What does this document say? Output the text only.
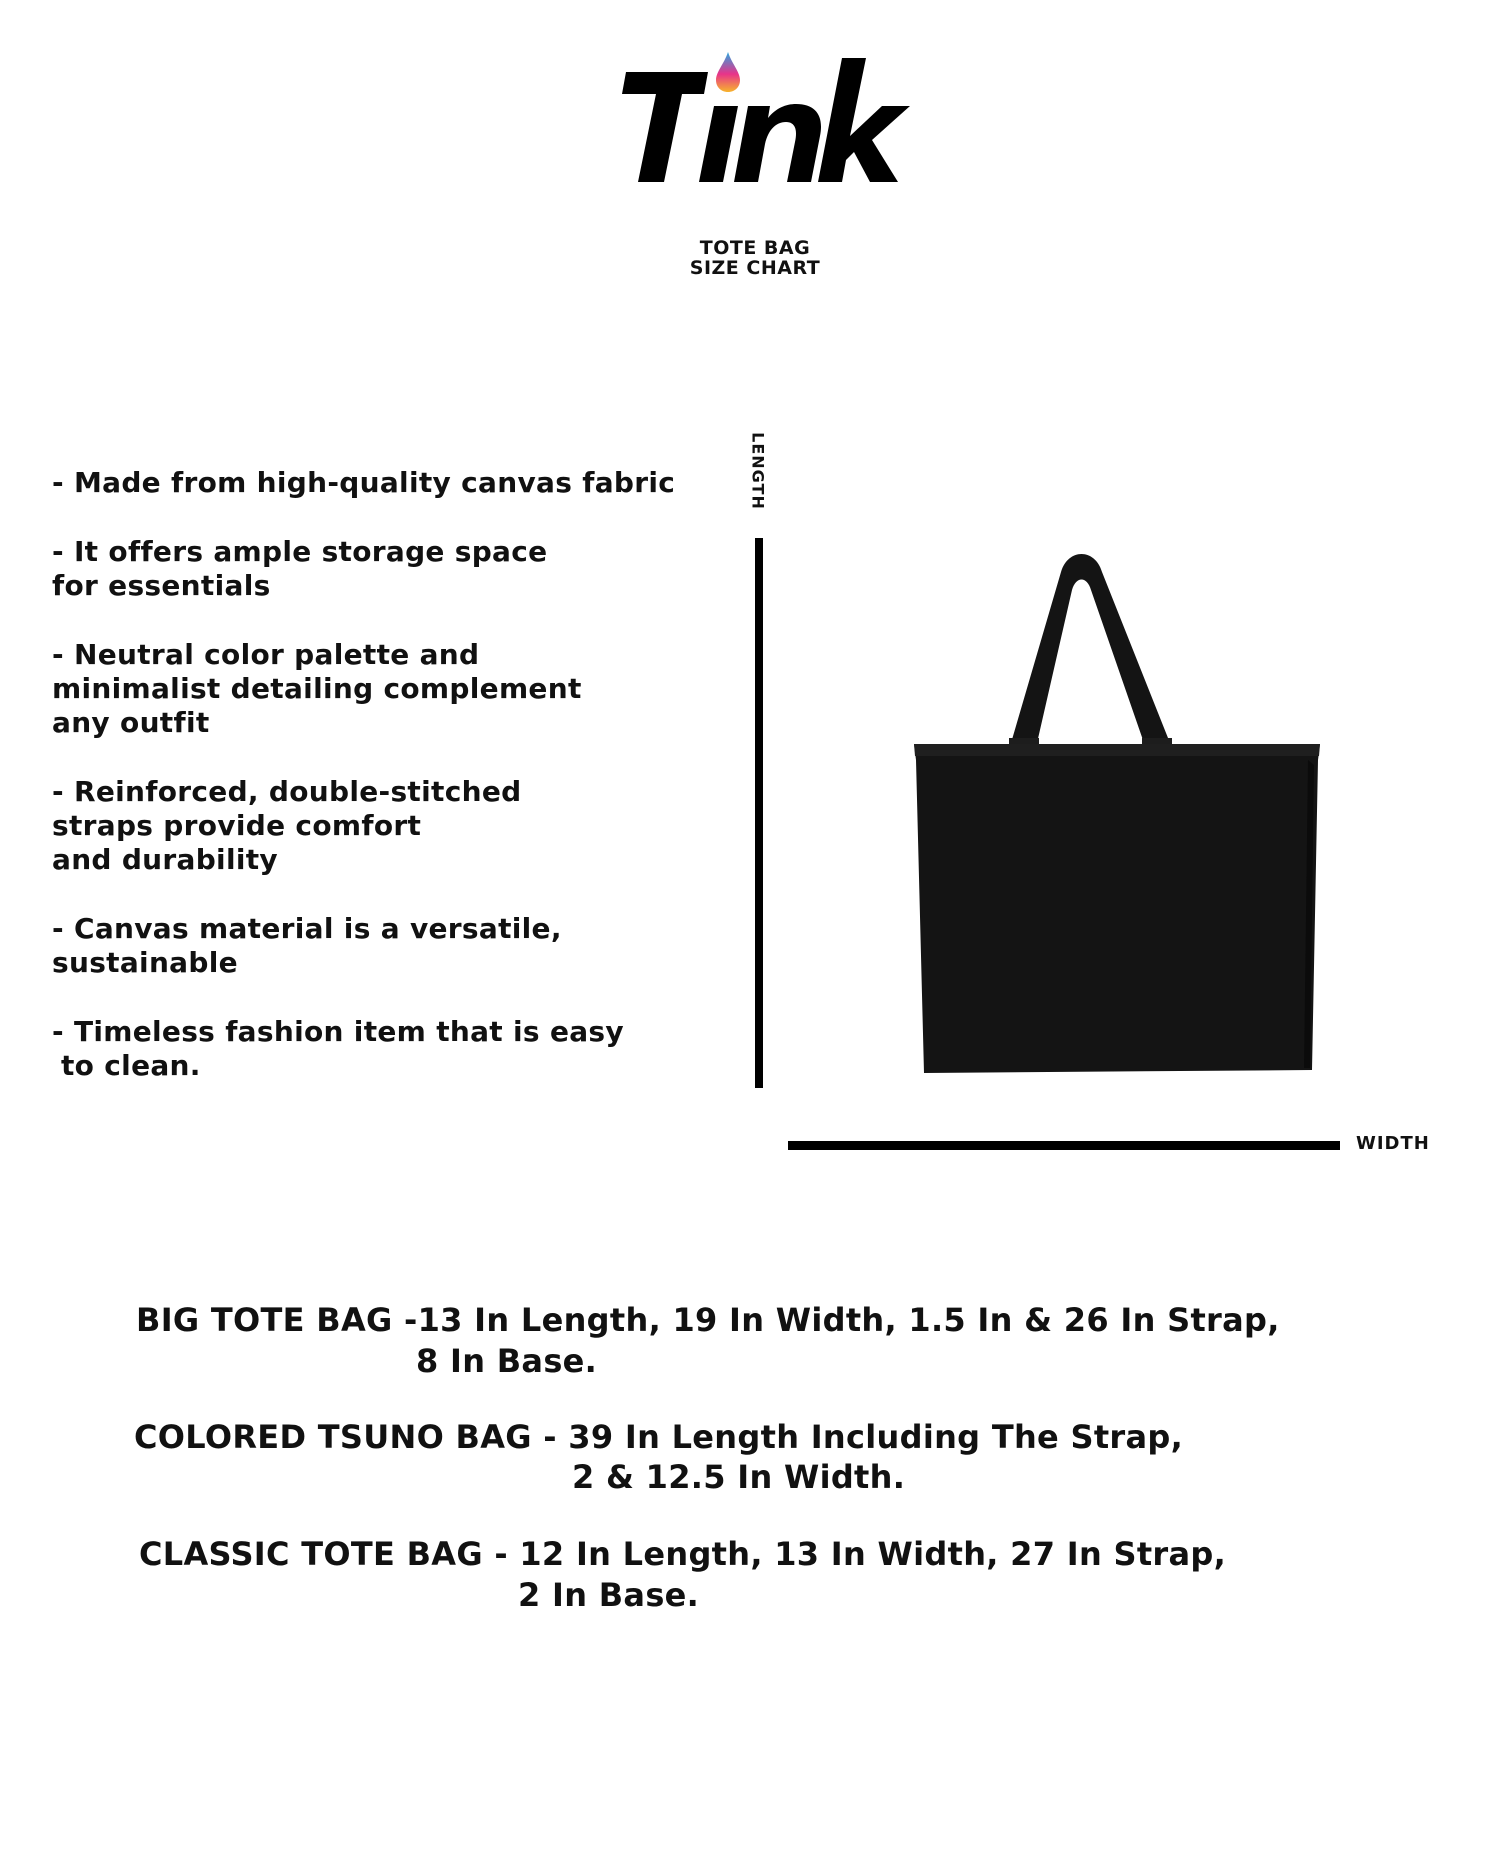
TOTE BAG
SIZE CHART
- Made from high-quality canvas fabric
- It offers ample storage space
for essentials
- Neutral color palette and
minimalist detailing complement
any outfit
- Reinforced, double-stitched
straps provide comfort
and durability
- Canvas material is a versatile,
sustainable
- Timeless fashion item that is easy
to clean.
LENGTH
WIDTH
BIG TOTE BAG -13 In Length, 19 In Width, 1.5 In & 26 In Strap,
8 In Base.
COLORED TSUNO BAG - 39 In Length Including The Strap,
2 & 12.5 In Width.
CLASSIC TOTE BAG - 12 In Length, 13 In Width, 27 In Strap,
2 In Base.
